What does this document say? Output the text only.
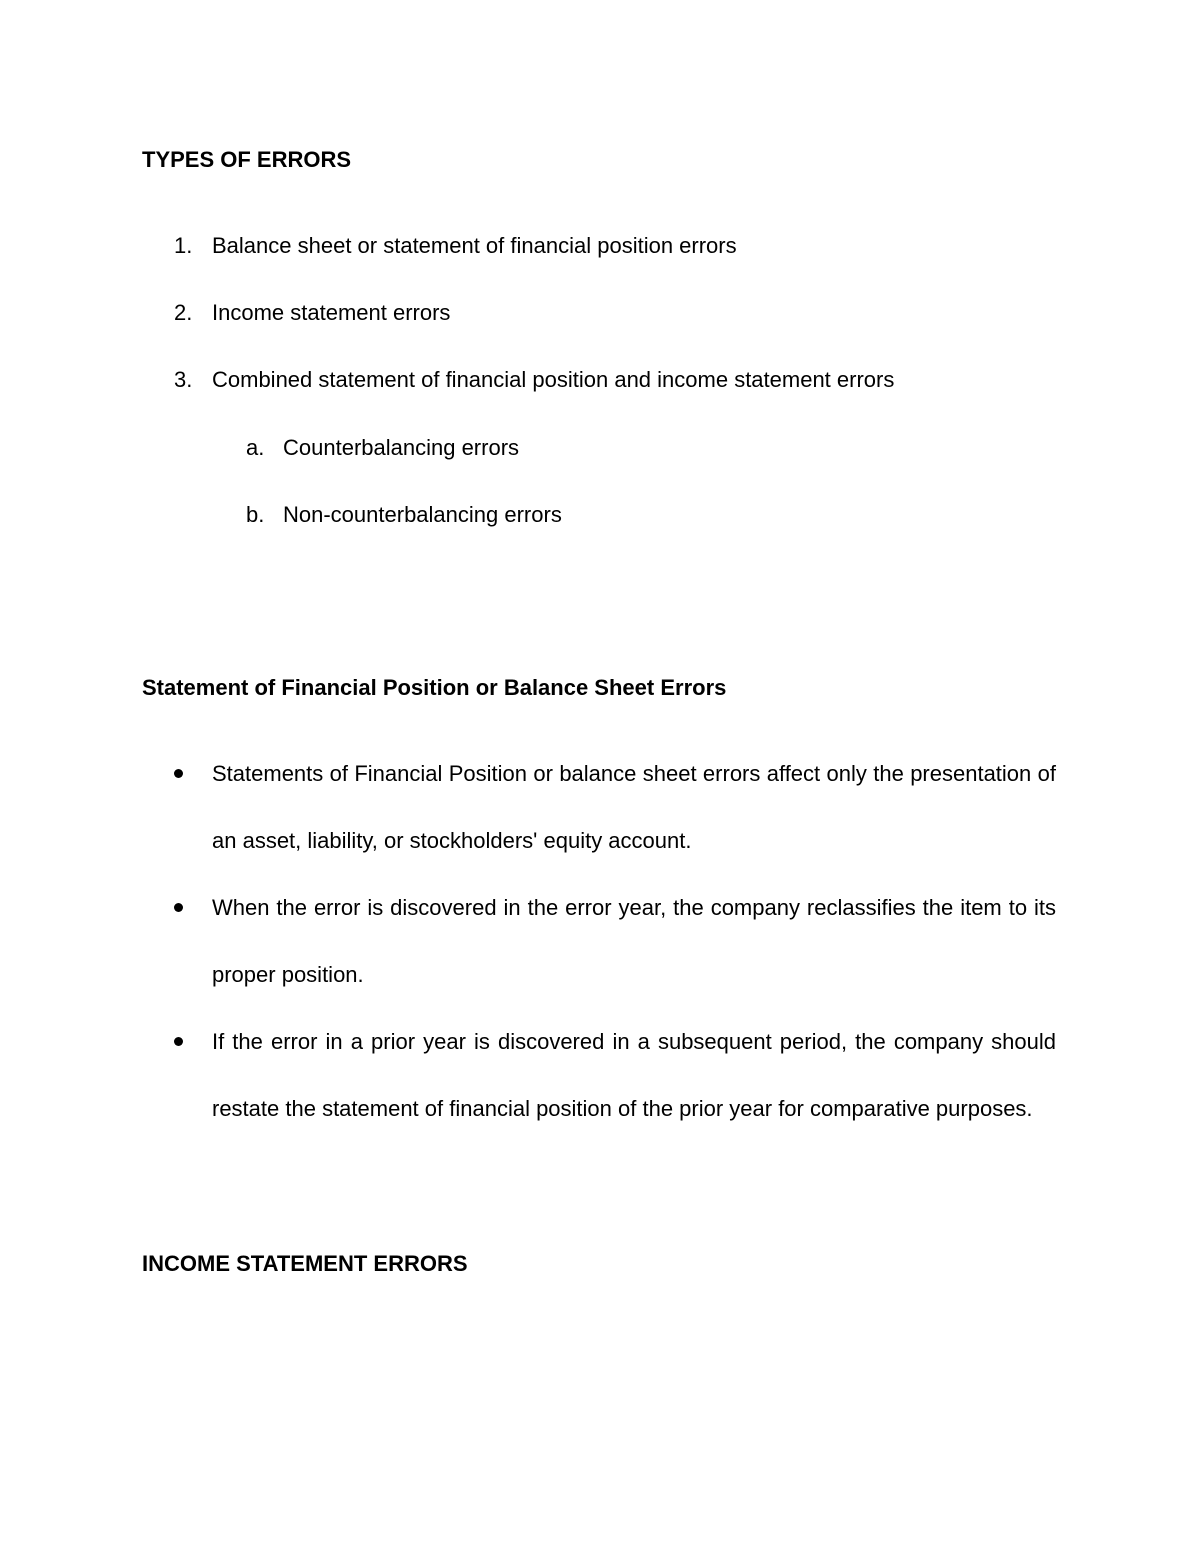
TYPES OF ERRORS
1. Balance sheet or statement of financial position errors
2. Income statement errors
3. Combined statement of financial position and income statement errors
a. Counterbalancing errors
b. Non-counterbalancing errors
Statement of Financial Position or Balance Sheet Errors
Statements of Financial Position or balance sheet errors affect only the presentation of an asset, liability, or stockholders' equity account.
When the error is discovered in the error year, the company reclassifies the item to its proper position.
If the error in a prior year is discovered in a subsequent period, the company should restate the statement of financial position of the prior year for comparative purposes.
INCOME STATEMENT ERRORS
